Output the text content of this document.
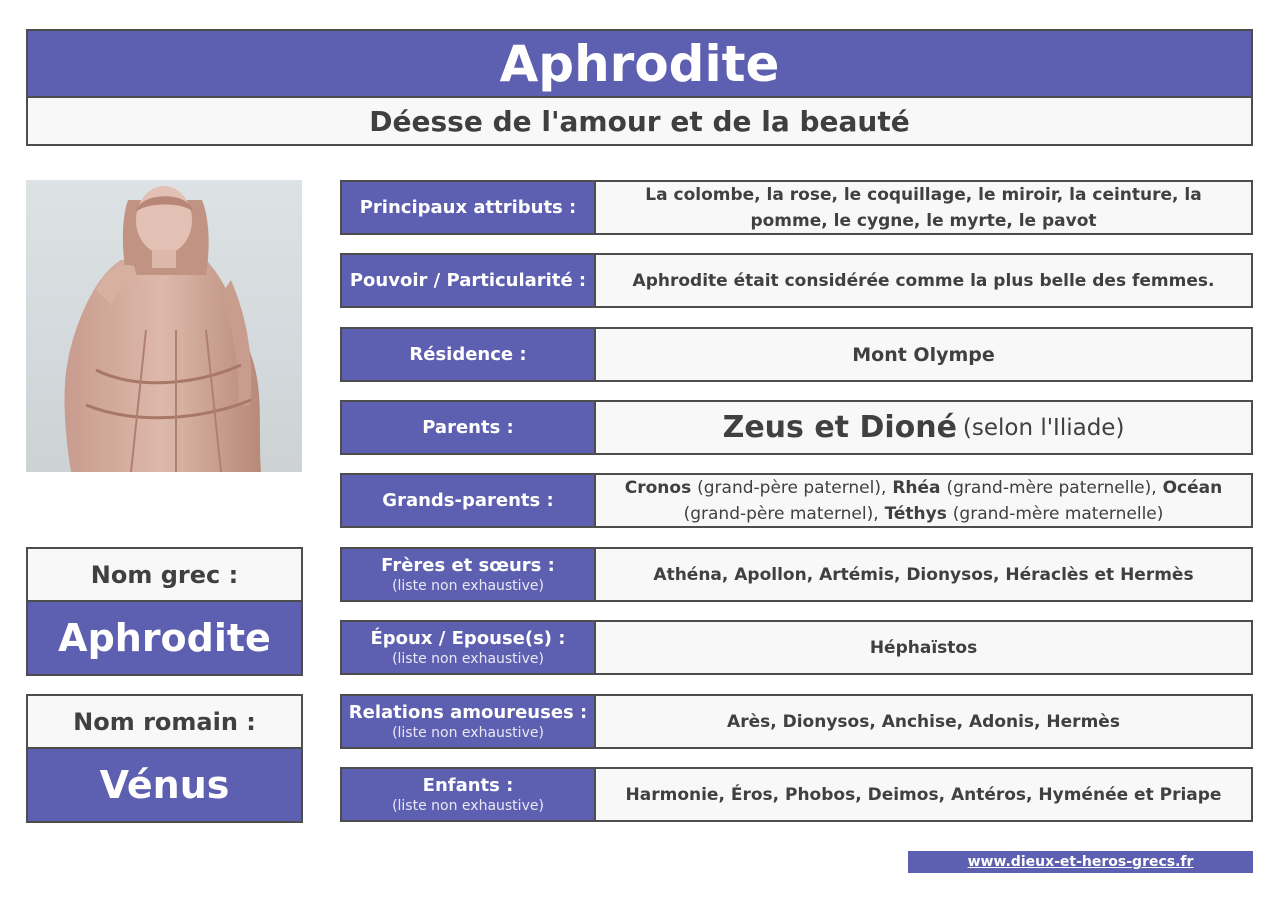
Aphrodite
Déesse de l'amour et de la beauté
Nom grec :
Aphrodite
Nom romain :
Vénus
Principaux attributs :
La colombe, la rose, le coquillage, le miroir, la ceinture, la pomme, le cygne, le myrte, le pavot
Pouvoir / Particularité :	Aphrodite était considérée comme la plus belle des femmes.
Résidence :	Mont Olympe
Parents :	Zeus et Dioné
(selon l'Iliade)
Grands-parents :
Cronos (grand-père paternel), Rhéa (grand-mère paternelle), Océan (grand-père maternel), Téthys (grand-mère maternelle)
Frères et sœurs :
(liste non exhaustive)
Athéna, Apollon, Artémis, Dionysos, Héraclès et Hermès
Époux / Epouse(s) :
(liste non exhaustive)
Héphaïstos
Relations amoureuses :
(liste non exhaustive)
Arès, Dionysos, Anchise, Adonis, Hermès
Enfants :
(liste non exhaustive)
Harmonie, Éros, Phobos, Deimos, Antéros, Hyménée et Priape
www.dieux-et-heros-grecs.fr
